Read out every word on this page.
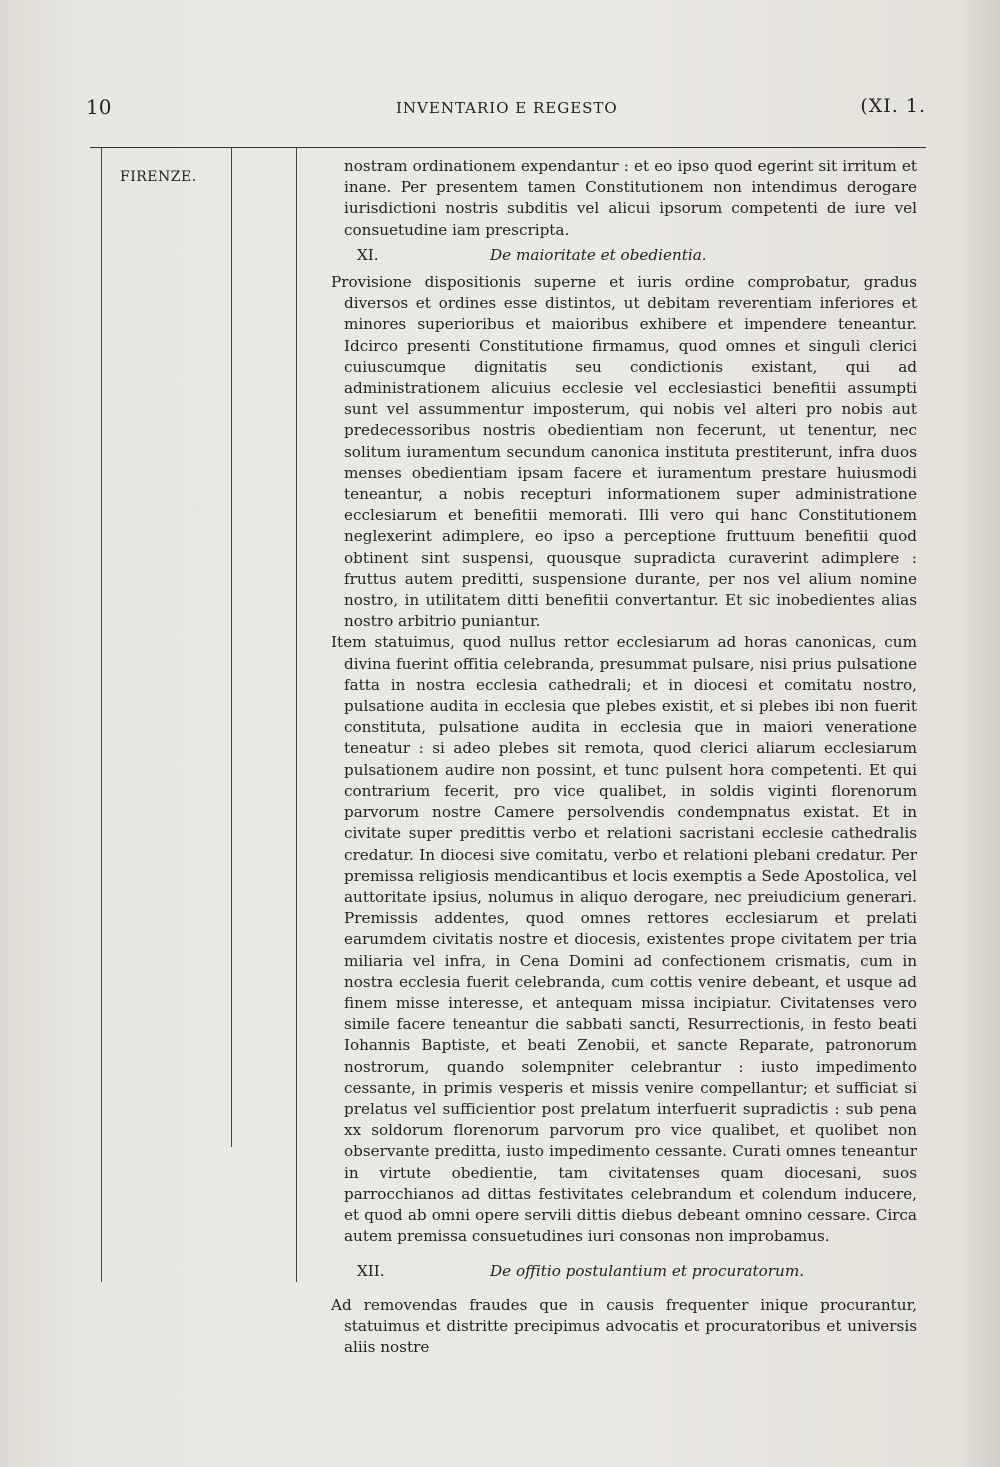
10	INVENTARIO E REGESTO	(XI. 1.
FIRENZE.

nostram ordinationem expendantur : et eo ipso quod egerint sit irritum et inane. Per presentem tamen Constitutionem non intendimus derogare iurisdictioni nostris subditis vel alicui ipsorum competenti de iure vel consuetudine iam prescripta.

XI.	De maioritate et obedientia.

Provisione dispositionis superne et iuris ordine comprobatur, gradus diversos et ordines esse distintos, ut debitam reverentiam inferiores et minores superioribus et maioribus exhibere et impendere teneantur. Idcirco presenti Constitutione firmamus, quod omnes et singuli clerici cuiuscumque dignitatis seu condictionis existant, qui ad administrationem alicuius ecclesie vel ecclesiastici benefitii assumpti sunt vel assummentur imposterum, qui nobis vel alteri pro nobis aut predecessoribus nostris obedientiam non fecerunt, ut tenentur, nec solitum iuramentum secundum canonica instituta prestiterunt, infra duos menses obedientiam ipsam facere et iuramentum prestare huiusmodi teneantur, a nobis recepturi informationem super administratione ecclesiarum et benefitii memorati. Illi vero qui hanc Constitutionem neglexerint adimplere, eo ipso a perceptione fruttuum benefitii quod obtinent sint suspensi, quousque supradicta curaverint adimplere : fruttus autem preditti, suspensione durante, per nos vel alium nomine nostro, in utilitatem ditti benefitii convertantur. Et sic inobedientes alias nostro arbitrio puniantur.

Item statuimus, quod nullus rettor ecclesiarum ad horas canonicas, cum divina fuerint offitia celebranda, presummat pulsare, nisi prius pulsatione fatta in nostra ecclesia cathedrali; et in diocesi et comitatu nostro, pulsatione audita in ecclesia que plebes existit, et si plebes ibi non fuerit constituta, pulsatione audita in ecclesia que in maiori veneratione teneatur : si adeo plebes sit remota, quod clerici aliarum ecclesiarum pulsationem audire non possint, et tunc pulsent hora competenti. Et qui contrarium fecerit, pro vice qualibet, in soldis viginti florenorum parvorum nostre Camere persolvendis condempnatus existat. Et in civitate super predittis verbo et relationi sacristani ecclesie cathedralis credatur. In diocesi sive comitatu, verbo et relationi plebani credatur. Per premissa religiosis mendicantibus et locis exemptis a Sede Apostolica, vel auttoritate ipsius, nolumus in aliquo derogare, nec preiudicium generari. Premissis addentes, quod omnes rettores ecclesiarum et prelati earumdem civitatis nostre et diocesis, existentes prope civitatem per tria miliaria vel infra, in Cena Domini ad confectionem crismatis, cum in nostra ecclesia fuerit celebranda, cum cottis venire debeant, et usque ad finem misse interesse, et antequam missa incipiatur. Civitatenses vero simile facere teneantur die sabbati sancti, Resurrectionis, in festo beati Iohannis Baptiste, et beati Zenobii, et sancte Reparate, patronorum nostrorum, quando solempniter celebrantur : iusto impedimento cessante, in primis vesperis et missis venire compellantur; et sufficiat si prelatus vel sufficientior post prelatum interfuerit supradictis : sub pena xx soldorum florenorum parvorum pro vice qualibet, et quolibet non observante preditta, iusto impedimento cessante. Curati omnes teneantur in virtute obedientie, tam civitatenses quam diocesani, suos parrocchianos ad dittas festivitates celebrandum et colendum inducere, et quod ab omni opere servili dittis diebus debeant omnino cessare. Circa autem premissa consuetudines iuri consonas non improbamus.

XII.	De offitio postulantium et procuratorum.

Ad removendas fraudes que in causis frequenter inique procurantur, statuimus et distritte precipimus advocatis et procuratoribus et universis aliis nostre
